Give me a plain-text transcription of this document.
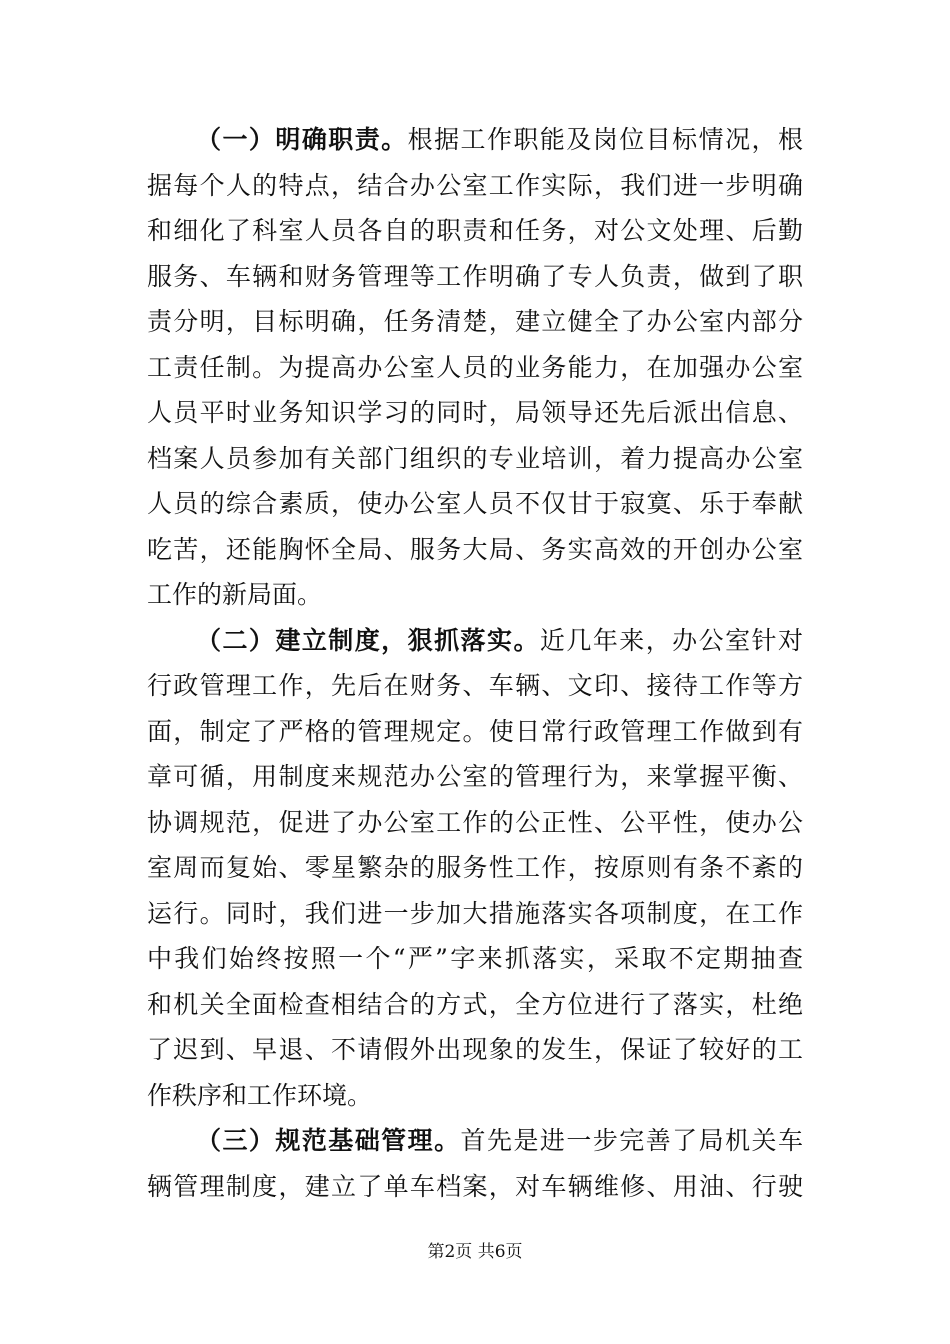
（一）明确职责。根据工作职能及岗位目标情况，根
据每个人的特点，结合办公室工作实际，我们进一步明确
和细化了科室人员各自的职责和任务，对公文处理、后勤
服务、车辆和财务管理等工作明确了专人负责，做到了职
责分明，目标明确，任务清楚，建立健全了办公室内部分
工责任制。为提高办公室人员的业务能力，在加强办公室
人员平时业务知识学习的同时，局领导还先后派出信息、
档案人员参加有关部门组织的专业培训，着力提高办公室
人员的综合素质，使办公室人员不仅甘于寂寞、乐于奉献
吃苦，还能胸怀全局、服务大局、务实高效的开创办公室
工作的新局面。
（二）建立制度，狠抓落实。近几年来，办公室针对
行政管理工作，先后在财务、车辆、文印、接待工作等方
面，制定了严格的管理规定。使日常行政管理工作做到有
章可循，用制度来规范办公室的管理行为，来掌握平衡、
协调规范，促进了办公室工作的公正性、公平性，使办公
室周而复始、零星繁杂的服务性工作，按原则有条不紊的
运行。同时，我们进一步加大措施落实各项制度，在工作
中我们始终按照一个“严”字来抓落实，采取不定期抽查
和机关全面检查相结合的方式，全方位进行了落实，杜绝
了迟到、早退、不请假外出现象的发生，保证了较好的工
作秩序和工作环境。
（三）规范基础管理。首先是进一步完善了局机关车
辆管理制度，建立了单车档案，对车辆维修、用油、行驶
第2页 共6页
